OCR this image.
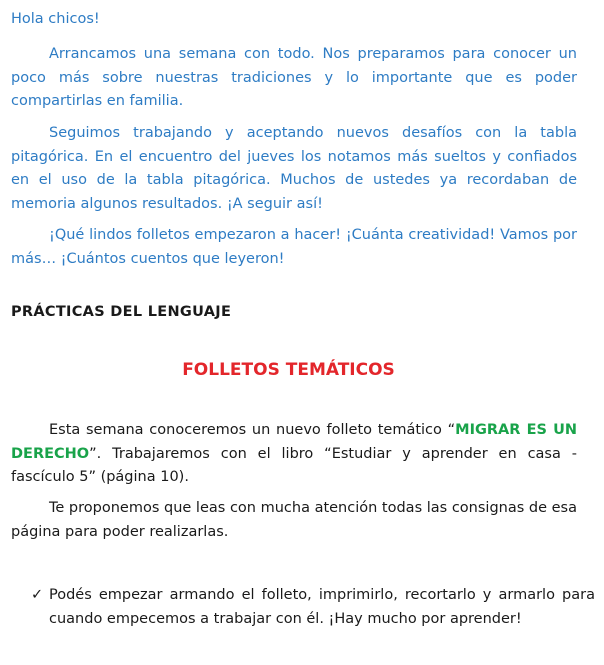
Hola chicos!

Arrancamos una semana con todo. Nos preparamos para conocer un poco más sobre nuestras tradiciones y lo importante que es poder compartirlas en familia.

Seguimos trabajando y aceptando nuevos desafíos con la tabla pitagórica. En el encuentro del jueves los notamos más sueltos y confiados en el uso de la tabla pitagórica. Muchos de ustedes ya recordaban de memoria algunos resultados. ¡A seguir así!

¡Qué lindos folletos empezaron a hacer! ¡Cuánta creatividad! Vamos por más… ¡Cuántos cuentos que leyeron!

PRÁCTICAS DEL LENGUAJE
FOLLETOS TEMÁTICOS

Esta semana conoceremos un nuevo folleto temático “MIGRAR ES UN DERECHO”. Trabajaremos con el libro “Estudiar y aprender en casa - fascículo 5” (página 10).

Te proponemos que leas con mucha atención todas las consignas de esa página para poder realizarlas.

✓ Podés empezar armando el folleto, imprimirlo, recortarlo y armarlo para cuando empecemos a trabajar con él. ¡Hay mucho por aprender!
